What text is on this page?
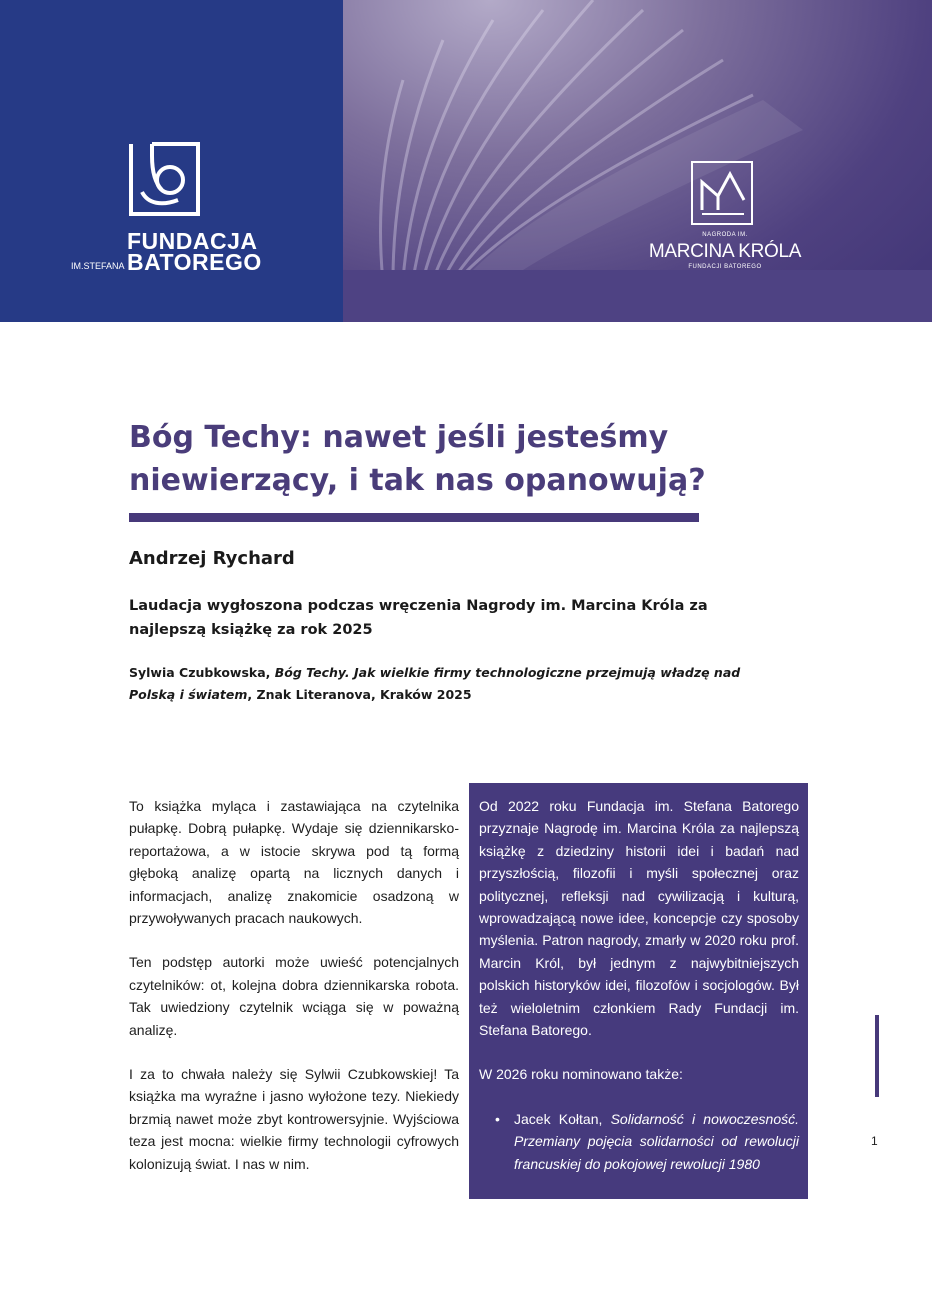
FUNDACJA
BATOREGO
IM.STEFANA
NAGRODA IM.
MARCINA KRÓLA
FUNDACJI BATOREGO
Bóg Techy: nawet jeśli jesteśmy niewierzący, i tak nas opanowują?
Andrzej Rychard
Laudacja wygłoszona podczas wręczenia Nagrody im. Marcina Króla za najlepszą książkę za rok 2025
Sylwia Czubkowska, Bóg Techy. Jak wielkie firmy technologiczne przejmują władzę nad Polską i światem, Znak Literanova, Kraków 2025

To książka myląca i zastawiająca na czytelnika pułapkę. Dobrą pułapkę. Wydaje się dziennikarsko-reportażowa, a w istocie skrywa pod tą formą głęboką analizę opartą na licznych danych i informacjach, analizę znakomicie osadzoną w przywoływanych pracach naukowych.

Ten podstęp autorki może uwieść potencjalnych czytelników: ot, kolejna dobra dziennikarska robota. Tak uwiedziony czytelnik wciąga się w poważną analizę.

I za to chwała należy się Sylwii Czubkowskiej! Ta książka ma wyraźne i jasno wyłożone tezy. Niekiedy brzmią nawet może zbyt kontrowersyjnie. Wyjściowa teza jest mocna: wielkie firmy technologii cyfrowych kolonizują świat. I nas w nim.

Od 2022 roku Fundacja im. Stefana Batorego przyznaje Nagrodę im. Marcina Króla za najlepszą książkę z dziedziny historii idei i badań nad przyszłością, filozofii i myśli społecznej oraz politycznej, refleksji nad cywilizacją i kulturą, wprowadzającą nowe idee, koncepcje czy sposoby myślenia. Patron nagrody, zmarły w 2020 roku prof. Marcin Król, był jednym z najwybitniejszych polskich historyków idei, filozofów i socjologów. Był też wieloletnim członkiem Rady Fundacji im. Stefana Batorego.

W 2026 roku nominowano także:

• Jacek Kołtan, Solidarność i nowoczesność. Przemiany pojęcia solidarności od rewolucji francuskiej do pokojowej rewolucji 1980
1
